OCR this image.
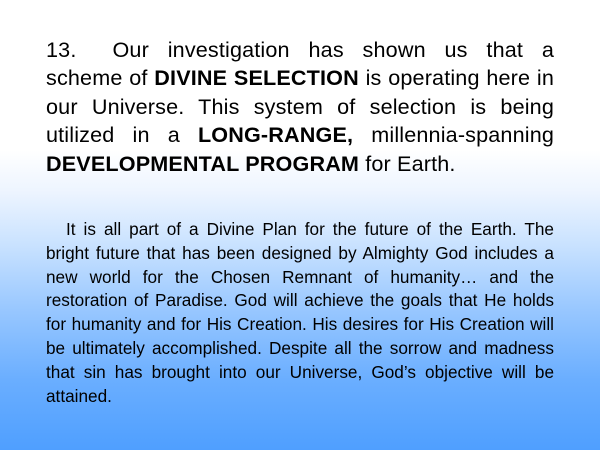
13. Our investigation has shown us that a scheme of DIVINE SELECTION is operating here in our Universe. This system of selection is being utilized in a LONG-RANGE, millennia-spanning DEVELOPMENTAL PROGRAM for Earth.

It is all part of a Divine Plan for the future of the Earth. The bright future that has been designed by Almighty God includes a new world for the Chosen Remnant of humanity… and the restoration of Paradise. God will achieve the goals that He holds for humanity and for His Creation. His desires for His Creation will be ultimately accomplished. Despite all the sorrow and madness that sin has brought into our Universe, God’s objective will be attained.
